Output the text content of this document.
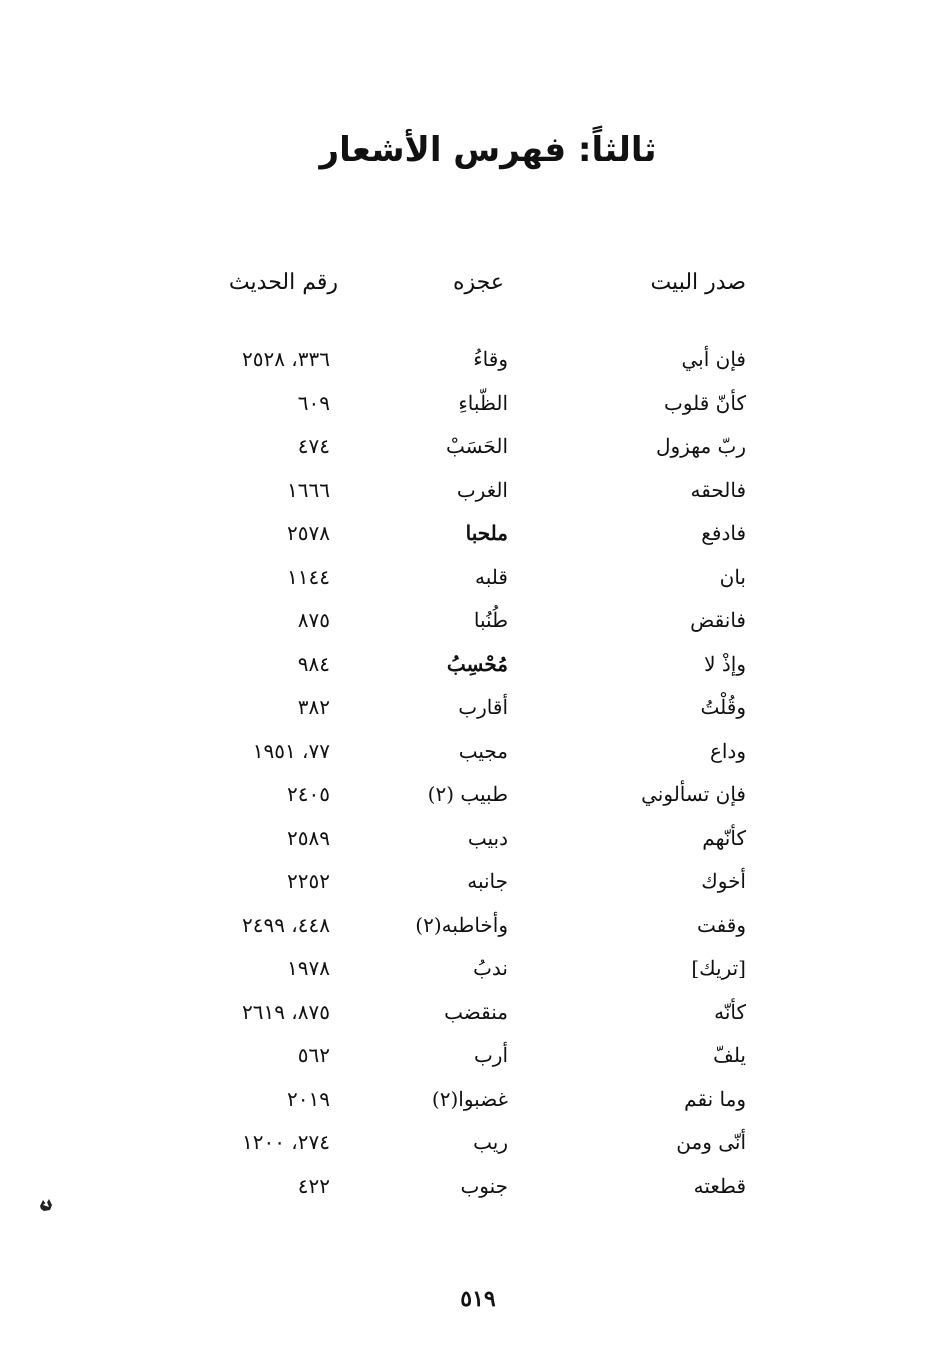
ثالثاً: فهرس الأشعار
صدر البيت
عجزه
رقم الحديث
فإن أبي
وقاءُ
٣٣٦، ٢٥٢٨
كأنّ قلوب
الظّباءِ
٦٠٩
ربّ مهزول
الحَسَبْ
٤٧٤
فالحقه
الغرب
١٦٦٦
فادفع
ملحبا
٢٥٧٨
بان
قلبه
١١٤٤
فانقض
طُنُبا
٨٧٥
وإذْ لا
مُحْسِبُ
٩٨٤
وقُلْتُ
أقارب
٣٨٢
وداع
مجيب
٧٧، ١٩٥١
فإن تسألوني
طبيب (٢)
٢٤٠٥
كأنّهم
دبيب
٢٥٨٩
أخوك
جانبه
٢٢٥٢
وقفت
وأخاطبه(٢)
٤٤٨، ٢٤٩٩
[تريك]
ندبُ
١٩٧٨
كأنّه
منقضب
٨٧٥، ٢٦١٩
يلفّ
أرب
٥٦٢
وما نقم
غضبوا(٢)
٢٠١٩
أنّى ومن
ريب
٢٧٤، ١٢٠٠
قطعته
جنوب
٤٢٢
٥١٩
